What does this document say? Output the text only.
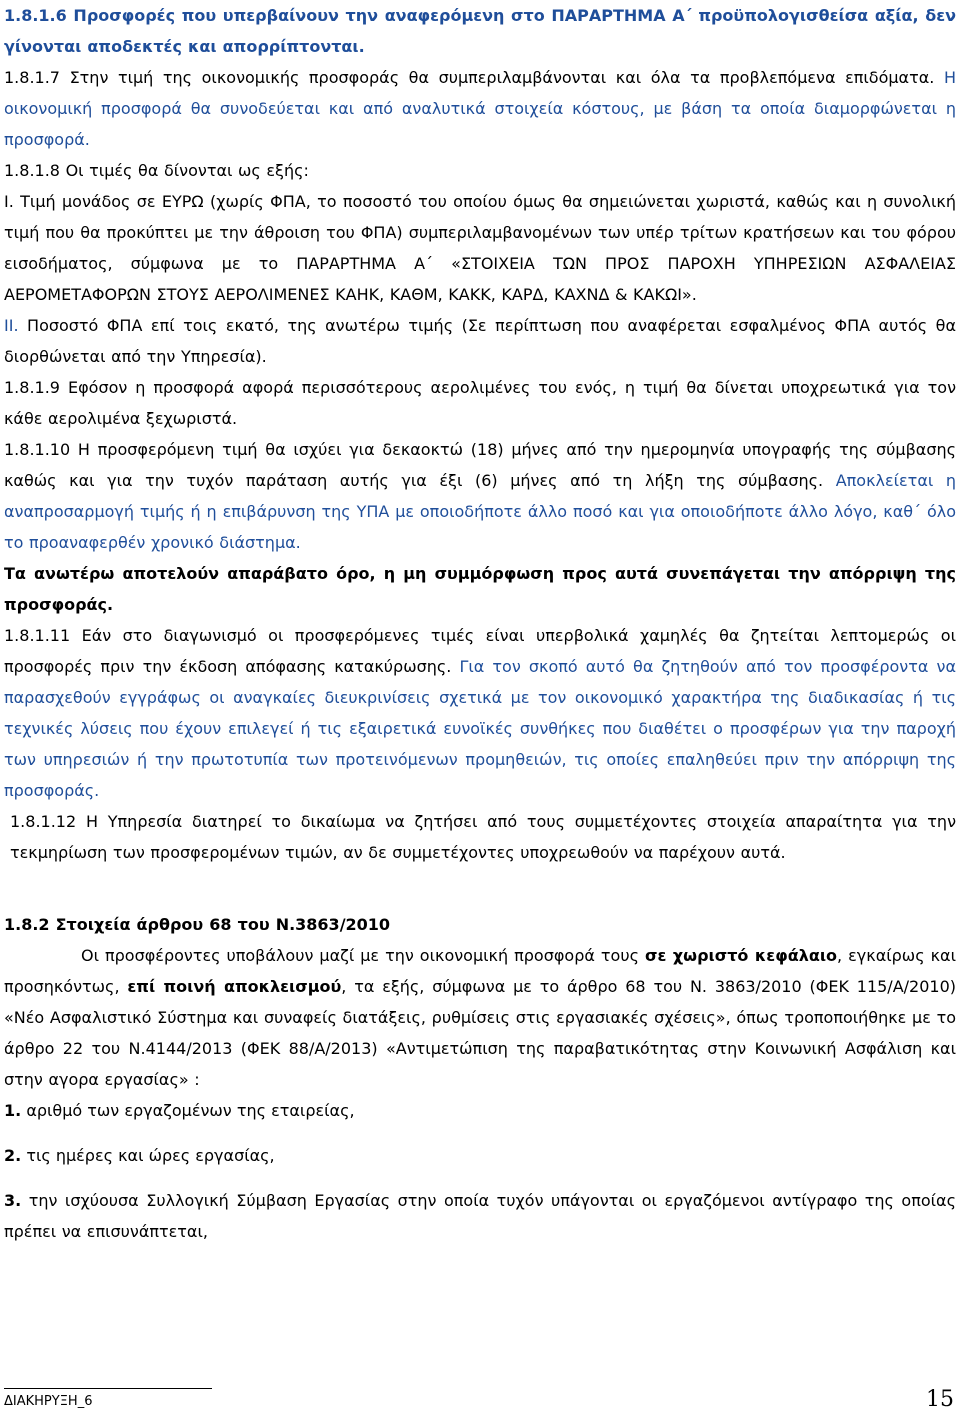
1.8.1.6 Προσφορές που υπερβαίνουν την αναφερόμενη στο ΠΑΡΑΡΤΗΜΑ Α΄ προϋπολογισθείσα αξία, δεν γίνονται αποδεκτές και απορρίπτονται.

1.8.1.7 Στην τιμή της οικονομικής προσφοράς θα συμπεριλαμβάνονται και όλα τα προβλεπόμενα επιδόματα. Η οικονομική προσφορά θα συνοδεύεται και από αναλυτικά στοιχεία κόστους, με βάση τα οποία διαμορφώνεται η προσφορά.

1.8.1.8 Οι τιμές θα δίνονται ως εξής:

I. Τιμή μονάδος σε ΕΥΡΩ (χωρίς ΦΠΑ, το ποσοστό του οποίου όμως θα σημειώνεται χωριστά, καθώς και η συνολική τιμή που θα προκύπτει με την άθροιση του ΦΠΑ) συμπεριλαμβανομένων των υπέρ τρίτων κρατήσεων και του φόρου εισοδήματος, σύμφωνα με το ΠΑΡΑΡΤΗΜΑ Α΄ «ΣΤΟΙΧΕΙΑ ΤΩΝ ΠΡΟΣ ΠΑΡΟΧΗ ΥΠΗΡΕΣΙΩΝ ΑΣΦΑΛΕΙΑΣ ΑΕΡΟΜΕΤΑΦΟΡΩΝ ΣΤΟΥΣ ΑΕΡΟΛΙΜΕΝΕΣ ΚΑΗΚ, ΚΑΘΜ, ΚΑΚΚ, ΚΑΡΔ, ΚΑΧΝΔ & ΚΑΚΩΙ».

II. Ποσοστό ΦΠΑ επί τοις εκατό, της ανωτέρω τιμής (Σε περίπτωση που αναφέρεται εσφαλμένος ΦΠΑ αυτός θα διορθώνεται από την Υπηρεσία).

1.8.1.9 Εφόσον η προσφορά αφορά περισσότερους αερολιμένες του ενός, η τιμή θα δίνεται υποχρεωτικά για τον κάθε αερολιμένα ξεχωριστά.

1.8.1.10 Η προσφερόμενη τιμή θα ισχύει για δεκαοκτώ (18) μήνες από την ημερομηνία υπογραφής της σύμβασης καθώς και για την τυχόν παράταση αυτής για έξι (6) μήνες από τη λήξη της σύμβασης. Αποκλείεται η αναπροσαρμογή τιμής ή η επιβάρυνση της ΥΠΑ με οποιοδήποτε άλλο ποσό και για οποιοδήποτε άλλο λόγο, καθ΄ όλο το προαναφερθέν χρονικό διάστημα.

Τα ανωτέρω αποτελούν απαράβατο όρο, η μη συμμόρφωση προς αυτά συνεπάγεται την απόρριψη της προσφοράς.

1.8.1.11 Εάν στο διαγωνισμό οι προσφερόμενες τιμές είναι υπερβολικά χαμηλές θα ζητείται λεπτομερώς οι προσφορές πριν την έκδοση απόφασης κατακύρωσης. Για τον σκοπό αυτό θα ζητηθούν από τον προσφέροντα να παρασχεθούν εγγράφως οι αναγκαίες διευκρινίσεις σχετικά με τον οικονομικό χαρακτήρα της διαδικασίας ή τις τεχνικές λύσεις που έχουν επιλεγεί ή τις εξαιρετικά ευνοϊκές συνθήκες που διαθέτει ο προσφέρων για την παροχή των υπηρεσιών ή την πρωτοτυπία των προτεινόμενων προμηθειών, τις οποίες επαληθεύει πριν την απόρριψη της προσφοράς.

1.8.1.12 Η Υπηρεσία διατηρεί το δικαίωμα να ζητήσει από τους συμμετέχοντες στοιχεία απαραίτητα για την τεκμηρίωση των προσφερομένων τιμών, αν δε συμμετέχοντες υποχρεωθούν να παρέχουν αυτά.

1.8.2 Στοιχεία άρθρου 68 του Ν.3863/2010

Οι προσφέροντες υποβάλουν μαζί με την οικονομική προσφορά τους σε χωριστό κεφάλαιο, εγκαίρως και προσηκόντως, επί ποινή αποκλεισμού, τα εξής, σύμφωνα με το άρθρο 68 του Ν. 3863/2010 (ΦΕΚ 115/Α/2010) «Νέο Ασφαλιστικό Σύστημα και συναφείς διατάξεις, ρυθμίσεις στις εργασιακές σχέσεις», όπως τροποποιήθηκε με το άρθρο 22 του Ν.4144/2013 (ΦΕΚ 88/Α/2013) «Αντιμετώπιση της παραβατικότητας στην Κοινωνική Ασφάλιση και στην αγορα εργασίας» :

1. αριθμό των εργαζομένων της εταιρείας,

2. τις ημέρες και ώρες εργασίας,

3. την ισχύουσα Συλλογική Σύμβαση Εργασίας στην οποία τυχόν υπάγονται οι εργαζόμενοι αντίγραφο της οποίας πρέπει να επισυνάπτεται,

ΔΙΑΚΗΡΥΞΗ_6	15
